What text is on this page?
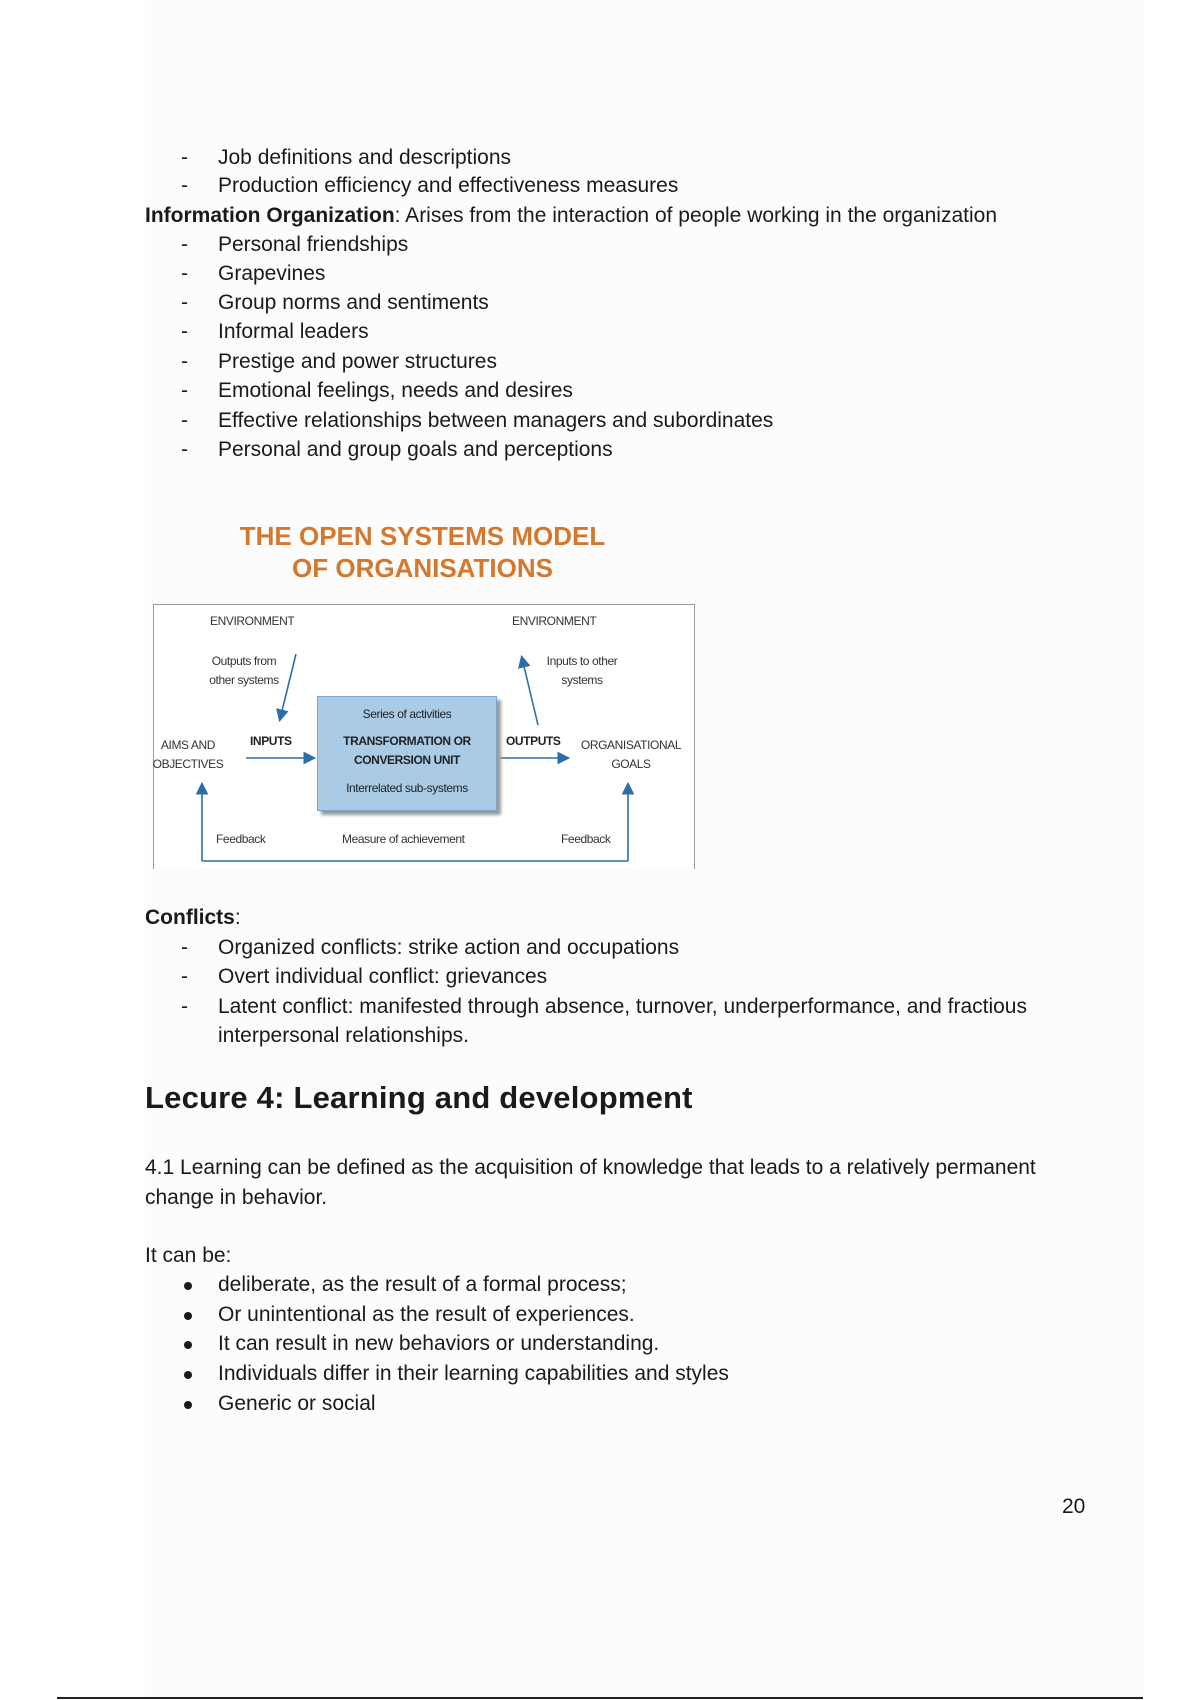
- Job definitions and descriptions
- Production efficiency and effectiveness measures
Information Organization: Arises from the interaction of people working in the organization
- Personal friendships
- Grapevines
- Group norms and sentiments
- Informal leaders
- Prestige and power structures
- Emotional feelings, needs and desires
- Effective relationships between managers and subordinates
- Personal and group goals and perceptions
THE OPEN SYSTEMS MODEL
OF ORGANISATIONS
ENVIRONMENT	ENVIRONMENT
Outputs from
other systems
Inputs to other
systems
AIMS AND
OBJECTIVES
INPUTS	OUTPUTS	ORGANISATIONAL
GOALS
Series of activities
TRANSFORMATION OR
CONVERSION UNIT
Interrelated sub-systems
Feedback	Measure of achievement	Feedback
Conflicts:
- Organized conflicts: strike action and occupations
- Overt individual conflict: grievances
- Latent conflict: manifested through absence, turnover, underperformance, and fractious
interpersonal relationships.
Lecure 4: Learning and development
4.1 Learning can be defined as the acquisition of knowledge that leads to a relatively permanent
change in behavior.
It can be:
deliberate, as the result of a formal process;
Or unintentional as the result of experiences.
It can result in new behaviors or understanding.
Individuals differ in their learning capabilities and styles
Generic or social
20
